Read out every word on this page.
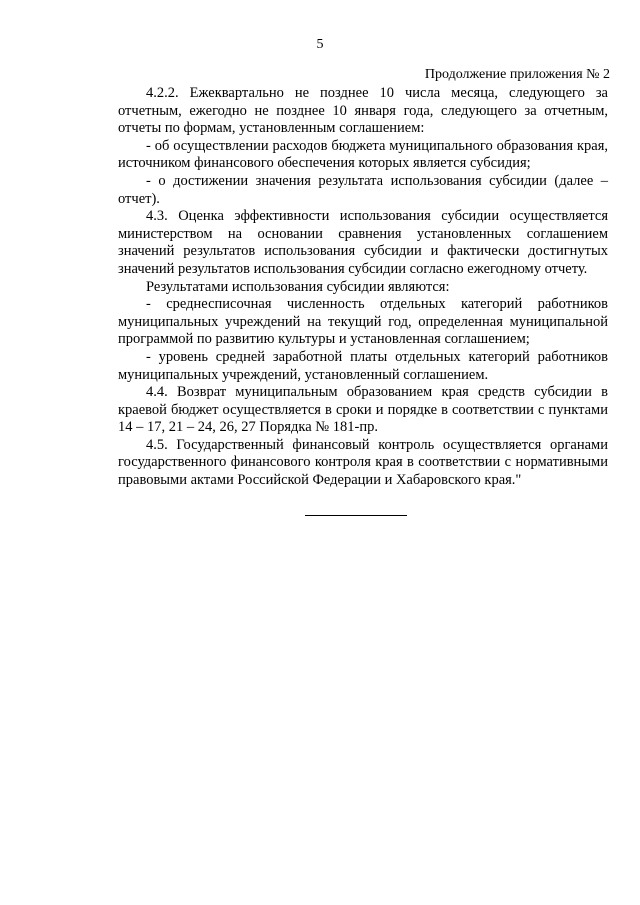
5
Продолжение приложения № 2

4.2.2. Ежеквартально не позднее 10 числа месяца, следующего за отчетным, ежегодно не позднее 10 января года, следующего за отчетным, отчеты по формам, установленным соглашением:

- об осуществлении расходов бюджета муниципального образования края, источником финансового обеспечения которых является субсидия;

- о достижении значения результата использования субсидии (далее – отчет).

4.3. Оценка эффективности использования субсидии осуществляется министерством на основании сравнения установленных соглашением значений результатов использования субсидии и фактически достигнутых значений результатов использования субсидии согласно ежегодному отчету.

Результатами использования субсидии являются:

- среднесписочная численность отдельных категорий работников муниципальных учреждений на текущий год, определенная муниципальной программой по развитию культуры и установленная соглашением;

- уровень средней заработной платы отдельных категорий работников муниципальных учреждений, установленный соглашением.

4.4. Возврат муниципальным образованием края средств субсидии в краевой бюджет осуществляется в сроки и порядке в соответствии с пунктами 14 – 17, 21 – 24, 26, 27 Порядка № 181-пр.

4.5. Государственный финансовый контроль осуществляется органами государственного финансового контроля края в соответствии с нормативными правовыми актами Российской Федерации и Хабаровского края."
